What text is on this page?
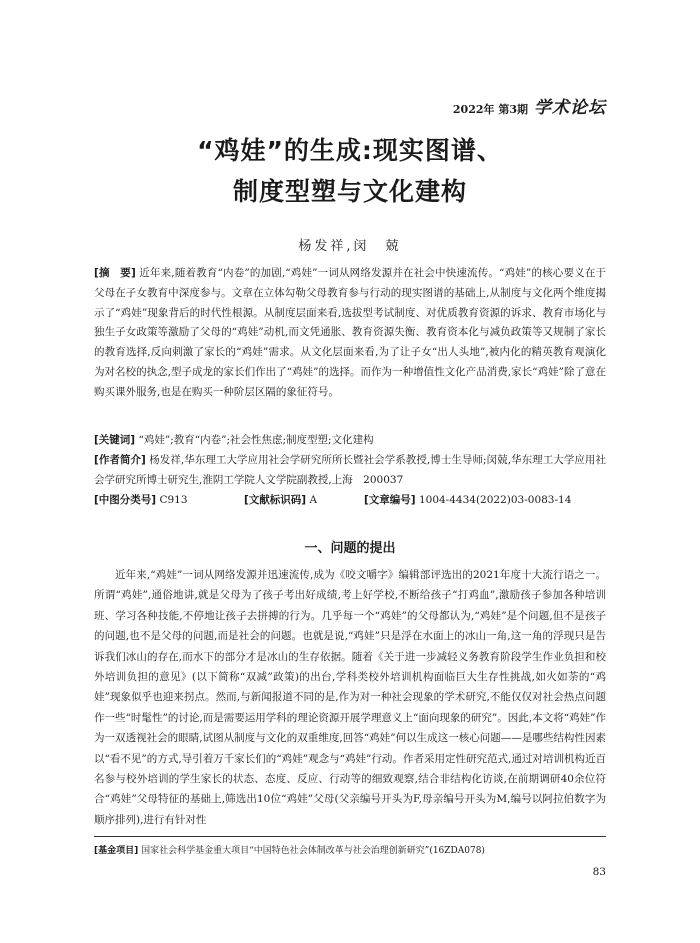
2022年 第3期 学术论坛
“鸡娃”的生成:现实图谱、
制度型塑与文化建构
杨发祥,闵　兢
[摘　要] 近年来,随着教育“内卷”的加剧,“鸡娃”一词从网络发源并在社会中快速流传。“鸡娃”的核心要义在于父母在子女教育中深度参与。文章在立体勾勒父母教育参与行动的现实图谱的基础上,从制度与文化两个维度揭示了“鸡娃”现象背后的时代性根源。从制度层面来看,选拔型考试制度、对优质教育资源的诉求、教育市场化与独生子女政策等激励了父母的“鸡娃”动机,而文凭通胀、教育资源失衡、教育资本化与减负政策等又规制了家长的教育选择,反向刺激了家长的“鸡娃”需求。从文化层面来看,为了让子女“出人头地”,被内化的精英教育观演化为对名校的执念,型子成龙的家长们作出了“鸡娃”的选择。而作为一种增值性文化产品消费,家长“鸡娃”除了意在购买课外服务,也是在购买一种阶层区隔的象征符号。
[关键词] “鸡娃”;教育“内卷”;社会性焦虑;制度型塑;文化建构
[作者简介] 杨发祥,华东理工大学应用社会学研究所所长暨社会学系教授,博士生导师;闵兢,华东理工大学应用社会学研究所博士研究生,淮阴工学院人文学院副教授,上海　200037
[中图分类号] C913	[文献标识码] A	[文章编号] 1004-4434(2022)03-0083-14
一、问题的提出
近年来,“鸡娃”一词从网络发源并迅速流传,成为《咬文嚼字》编辑部评选出的2021年度十大流行语之一。所谓“鸡娃”,通俗地讲,就是父母为了孩子考出好成绩,考上好学校,不断给孩子“打鸡血”,激励孩子参加各种培训班、学习各种技能,不停地让孩子去拼搏的行为。几乎每一个“鸡娃”的父母都认为,“鸡娃”是个问题,但不是孩子的问题,也不是父母的问题,而是社会的问题。也就是说,“鸡娃”只是浮在水面上的冰山一角,这一角的浮现只是告诉我们冰山的存在,而水下的部分才是冰山的生存依据。随着《关于进一步减轻义务教育阶段学生作业负担和校外培训负担的意见》(以下简称“双减”政策)的出台,学科类校外培训机构面临巨大生存性挑战,如火如荼的“鸡娃”现象似乎也迎来拐点。然而,与新闻报道不同的是,作为对一种社会现象的学术研究,不能仅仅对社会热点问题作一些“时髦性”的讨论,而是需要运用学科的理论资源开展学理意义上“面向现象的研究”。因此,本文将“鸡娃”作为一双透视社会的眼睛,试图从制度与文化的双重维度,回答“鸡娃”何以生成这一核心问题——是哪些结构性因素以“看不见”的方式,导引着万千家长们的“鸡娃”观念与“鸡娃”行动。作者采用定性研究范式,通过对培训机构近百名参与校外培训的学生家长的状态、态度、反应、行动等的细致观察,结合非结构化访谈,在前期调研40余位符合“鸡娃”父母特征的基础上,筛选出10位“鸡娃”父母(父亲编号开头为F,母亲编号开头为M,编号以阿拉伯数字为顺序排列),进行有针对性
[基金项目] 国家社会科学基金重大项目“中国特色社会体制改革与社会治理创新研究”(16ZDA078)
83
